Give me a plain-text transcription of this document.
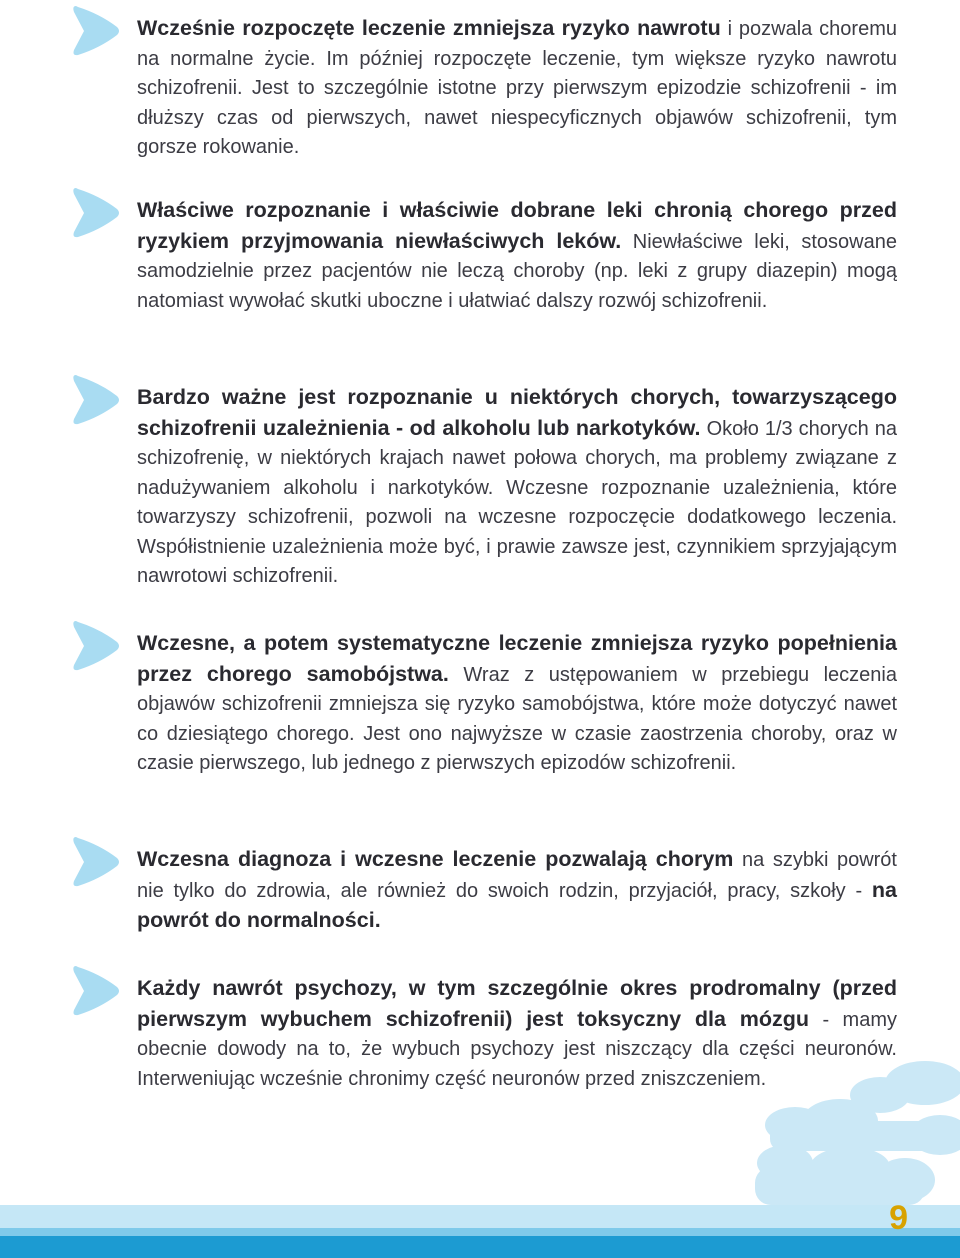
Wcześnie rozpoczęte leczenie zmniejsza ryzyko nawrotu i pozwala choremu na normalne życie. Im później rozpoczęte leczenie, tym większe ryzyko nawrotu schizofrenii. Jest to szczególnie istotne przy pierwszym epizodzie schizofrenii - im dłuższy czas od pierwszych, nawet niespecyficznych objawów schizofrenii, tym gorsze rokowanie.

Właściwe rozpoznanie i właściwie dobrane leki chronią chorego przed ryzykiem przyjmowania niewłaściwych leków. Niewłaściwe leki, stosowane samodzielnie przez pacjentów nie leczą choroby (np. leki z grupy diazepin) mogą natomiast wywołać skutki uboczne i ułatwiać dalszy rozwój schizofrenii.

Bardzo ważne jest rozpoznanie u niektórych chorych, towarzyszącego schizofrenii uzależnienia - od alkoholu lub narkotyków. Około 1/3 chorych na schizofrenię, w niektórych krajach nawet połowa chorych, ma problemy związane z nadużywaniem alkoholu i narkotyków. Wczesne rozpoznanie uzależnienia, które towarzyszy schizofrenii, pozwoli na wczesne rozpoczęcie dodatkowego leczenia. Współistnienie uzależnienia może być, i prawie zawsze jest, czynnikiem sprzyjającym nawrotowi schizofrenii.

Wczesne, a potem systematyczne leczenie zmniejsza ryzyko popełnienia przez chorego samobójstwa. Wraz z ustępowaniem w przebiegu leczenia objawów schizofrenii zmniejsza się ryzyko samobójstwa, które może dotyczyć nawet co dziesiątego chorego. Jest ono najwyższe w czasie zaostrzenia choroby, oraz w czasie pierwszego, lub jednego z pierwszych epizodów schizofrenii.

Wczesna diagnoza i wczesne leczenie pozwalają chorym na szybki powrót nie tylko do zdrowia, ale również do swoich rodzin, przyjaciół, pracy, szkoły - na powrót do normalności.

Każdy nawrót psychozy, w tym szczególnie okres prodromalny (przed pierwszym wybuchem schizofrenii) jest toksyczny dla mózgu - mamy obecnie dowody na to, że wybuch psychozy jest niszczący dla części neuronów. Interweniując wcześnie chronimy część neuronów przed zniszczeniem.

9
